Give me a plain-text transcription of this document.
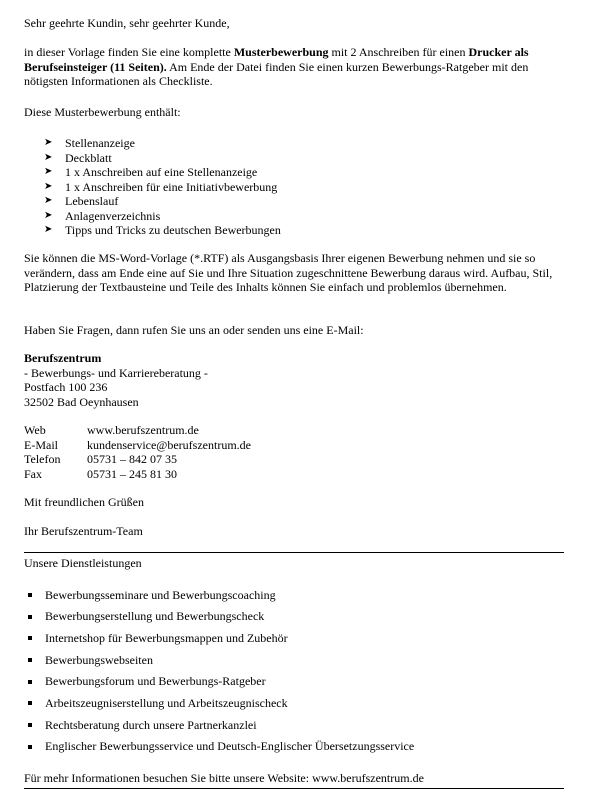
Sehr geehrte Kundin, sehr geehrter Kunde,

in dieser Vorlage finden Sie eine komplette Musterbewerbung mit 2 Anschreiben für einen Drucker als Berufseinsteiger (11 Seiten). Am Ende der Datei finden Sie einen kurzen Bewerbungs-Ratgeber mit den nötigsten Informationen als Checkliste.

Diese Musterbewerbung enthält:

➤	Stellenanzeige
➤	Deckblatt
➤	1 x Anschreiben auf eine Stellenanzeige
➤	1 x Anschreiben für eine Initiativbewerbung
➤	Lebenslauf
➤	Anlagenverzeichnis
➤	Tipps und Tricks zu deutschen Bewerbungen

Sie können die MS-Word-Vorlage (*.RTF) als Ausgangsbasis Ihrer eigenen Bewerbung nehmen und sie so verändern, dass am Ende eine auf Sie und Ihre Situation zugeschnittene Bewerbung daraus wird. Aufbau, Stil, Platzierung der Textbausteine und Teile des Inhalts können Sie einfach und problemlos übernehmen.

Haben Sie Fragen, dann rufen Sie uns an oder senden uns eine E-Mail:

Berufszentrum

- Bewerbungs- und Karriereberatung -

Postfach 100 236

32502 Bad Oeynhausen

Web	www.berufszentrum.de
E-Mail	kundenservice@berufszentrum.de
Telefon	05731 – 842 07 35
Fax	05731 – 245 81 30

Mit freundlichen Grüßen

Ihr Berufszentrum-Team

Unsere Dienstleistungen

Bewerbungsseminare und Bewerbungscoaching
Bewerbungserstellung und Bewerbungscheck
Internetshop für Bewerbungsmappen und Zubehör
Bewerbungswebseiten
Bewerbungsforum und Bewerbungs-Ratgeber
Arbeitszeugniserstellung und Arbeitszeugnischeck
Rechtsberatung durch unsere Partnerkanzlei
Englischer Bewerbungsservice und Deutsch-Englischer Übersetzungsservice

Für mehr Informationen besuchen Sie bitte unsere Website: www.berufszentrum.de
